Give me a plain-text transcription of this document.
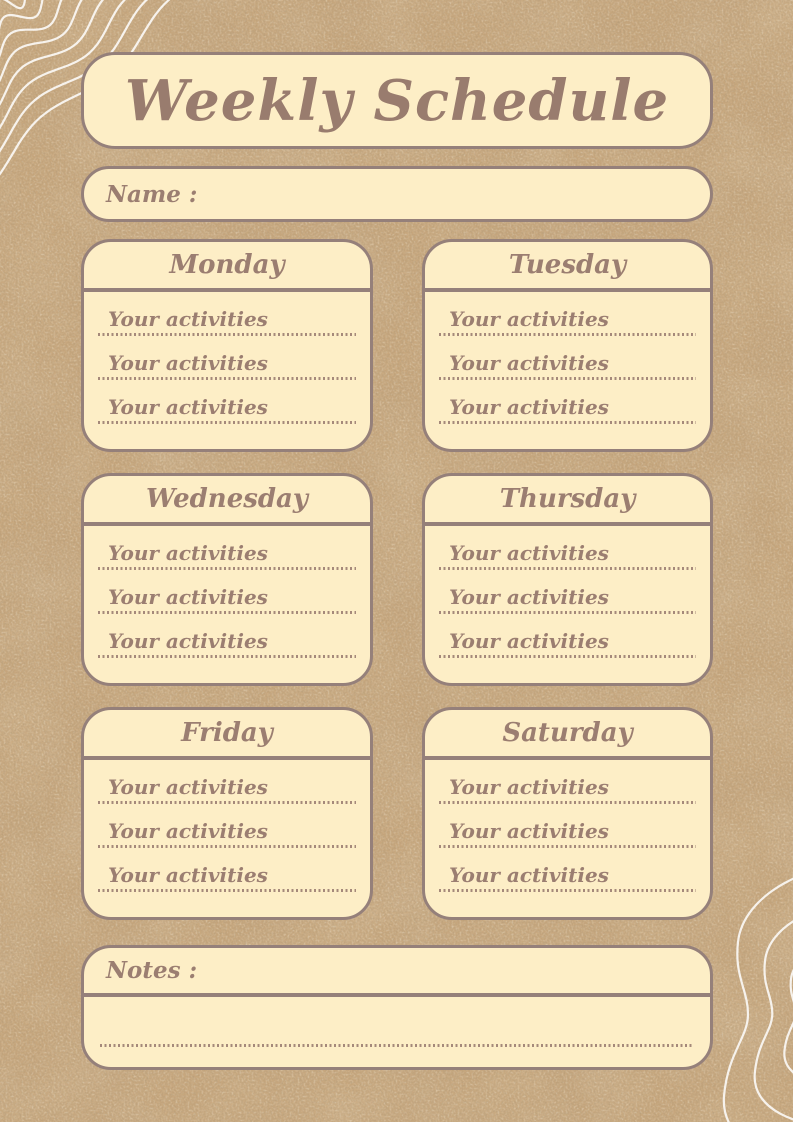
Weekly Schedule
Name :
Monday
Your activities
Your activities
Your activities
Tuesday
Your activities
Your activities
Your activities
Wednesday
Your activities
Your activities
Your activities
Thursday
Your activities
Your activities
Your activities
Friday
Your activities
Your activities
Your activities
Saturday
Your activities
Your activities
Your activities
Notes :
